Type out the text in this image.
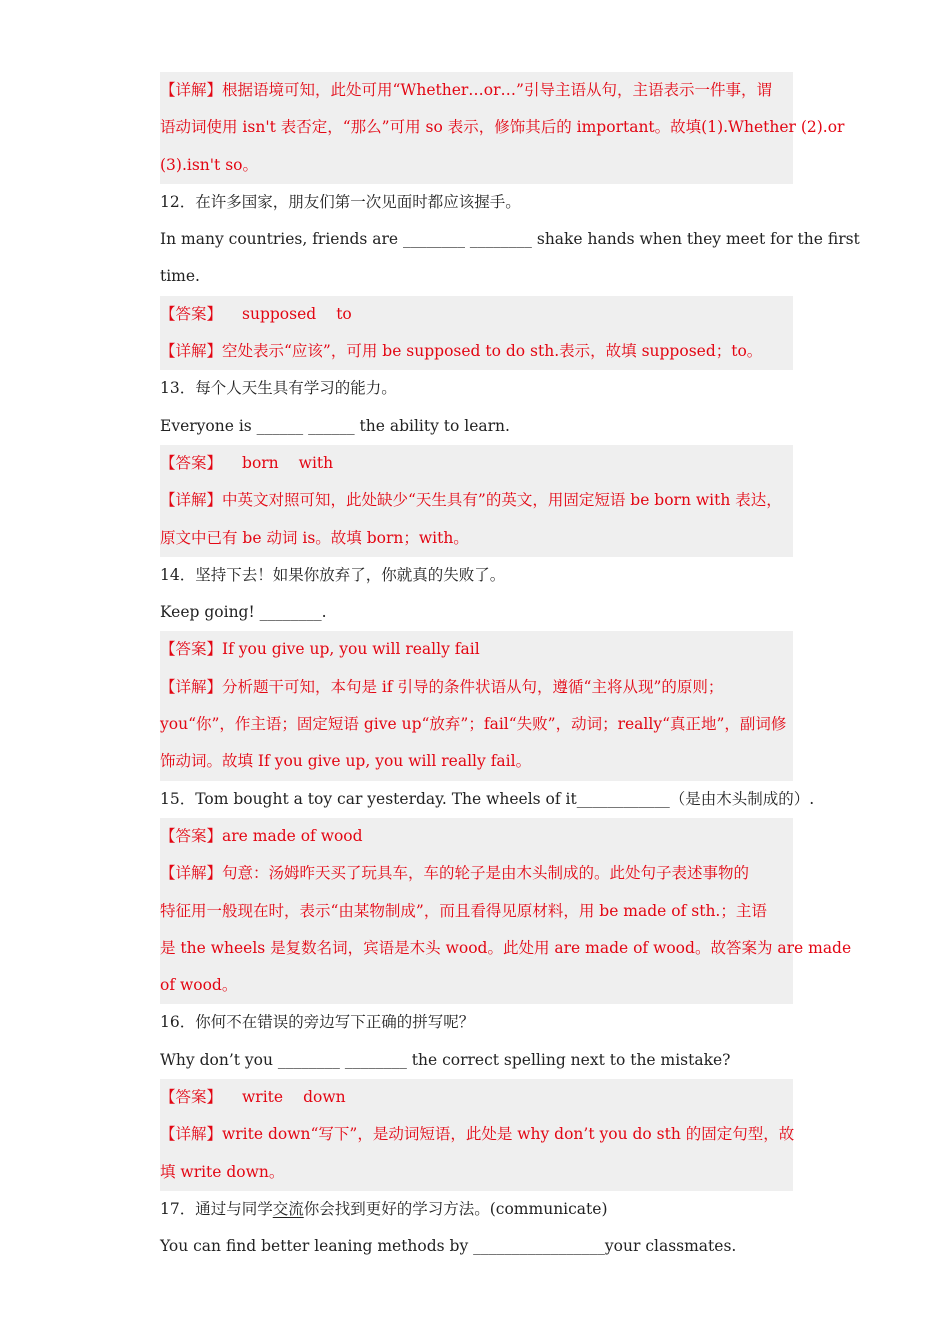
【详解】根据语境可知，此处可用“Whether…or…”引导主语从句，主语表示一件事，谓
语动词使用 isn't 表否定，“那么”可用 so 表示，修饰其后的 important。故填(1).Whether (2).or
(3).isn't so。
12．在许多国家，朋友们第一次见面时都应该握手。
In many countries, friends are ________ ________ shake hands when they meet for the first
time.
【答案】 supposed to
【详解】空处表示“应该”，可用 be supposed to do sth.表示，故填 supposed；to。
13．每个人天生具有学习的能力。
Everyone is ______ ______ the ability to learn.
【答案】 born with
【详解】中英文对照可知，此处缺少“天生具有”的英文，用固定短语 be born with 表达，
原文中已有 be 动词 is。故填 born；with。
14．坚持下去！如果你放弃了，你就真的失败了。
Keep going! ________.
【答案】If you give up, you will really fail
【详解】分析题干可知，本句是 if 引导的条件状语从句，遵循“主将从现”的原则；
you“你”，作主语；固定短语 give up“放弃”；fail“失败”，动词；really“真正地”，副词修
饰动词。故填 If you give up, you will really fail。
15．Tom bought a toy car yesterday. The wheels of it____________（是由木头制成的）.
【答案】are made of wood
【详解】句意：汤姆昨天买了玩具车，车的轮子是由木头制成的。此处句子表述事物的
特征用一般现在时，表示“由某物制成”，而且看得见原材料，用 be made of sth.；主语
是 the wheels 是复数名词，宾语是木头 wood。此处用 are made of wood。故答案为 are made
of wood。
16．你何不在错误的旁边写下正确的拼写呢？
Why don’t you ________ ________ the correct spelling next to the mistake?
【答案】 write down
【详解】write down“写下”，是动词短语，此处是 why don’t you do sth 的固定句型，故
填 write down。
17．通过与同学交流你会找到更好的学习方法。(communicate)
You can find better leaning methods by _________________your classmates.
